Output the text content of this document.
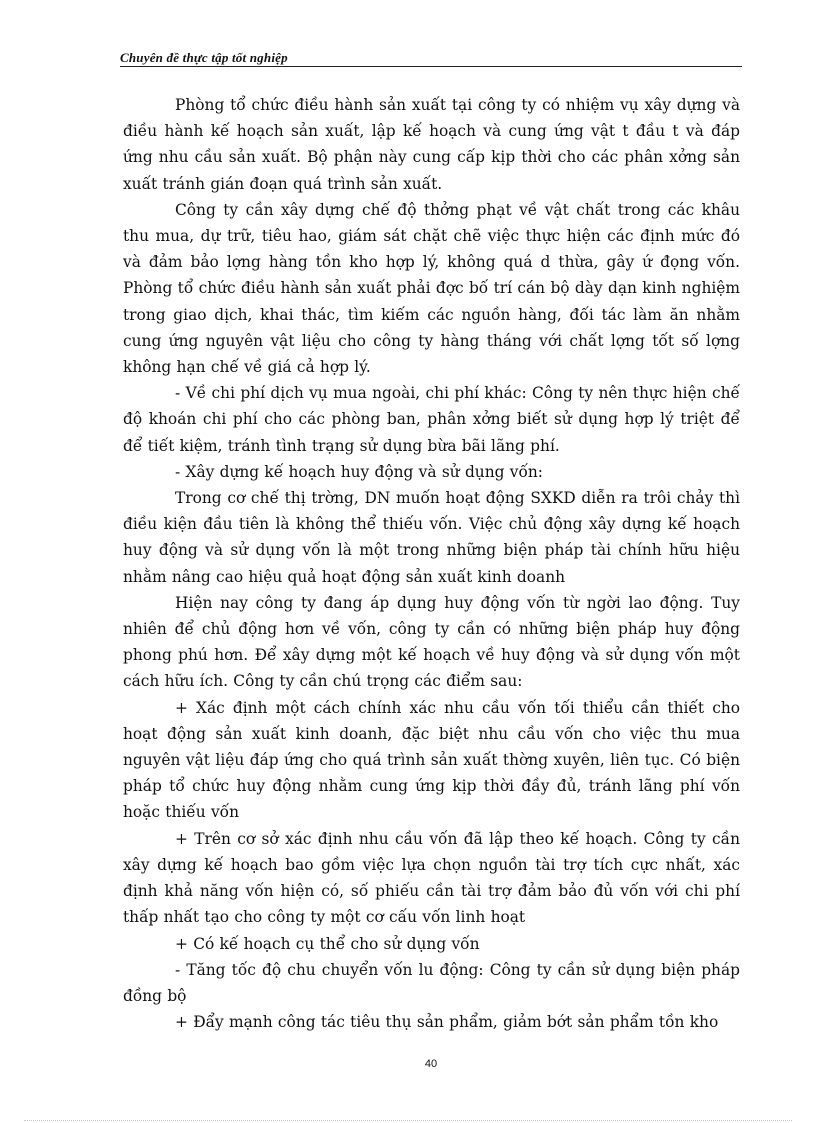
Chuyên đề thực tập tốt nghiệp

Phòng tổ chức điều hành sản xuất tại công ty có nhiệm vụ xây dựng và điều hành kế hoạch sản xuất, lập kế hoạch và cung ứng vật t đầu t và đáp ứng nhu cầu sản xuất. Bộ phận này cung cấp kịp thời cho các phân xởng sản xuất tránh gián đoạn quá trình sản xuất.

Công ty cần xây dựng chế độ thởng phạt về vật chất trong các khâu thu mua, dự trữ, tiêu hao, giám sát chặt chẽ việc thực hiện các định mức đó và đảm bảo lợng hàng tồn kho hợp lý, không quá d thừa, gây ứ đọng vốn. Phòng tổ chức điều hành sản xuất phải đợc bố trí cán bộ dày dạn kinh nghiệm trong giao dịch, khai thác, tìm kiếm các nguồn hàng, đối tác làm ăn nhằm cung ứng nguyên vật liệu cho công ty hàng tháng với chất lợng tốt số lợng không hạn chế về giá cả hợp lý.

- Về chi phí dịch vụ mua ngoài, chi phí khác: Công ty nên thực hiện chế độ khoán chi phí cho các phòng ban, phân xởng biết sử dụng hợp lý triệt để để tiết kiệm, tránh tình trạng sử dụng bừa bãi lãng phí.

- Xây dựng kế hoạch huy động và sử dụng vốn:

Trong cơ chế thị trờng, DN muốn hoạt động SXKD diễn ra trôi chảy thì điều kiện đầu tiên là không thể thiếu vốn. Việc chủ động xây dựng kế hoạch huy động và sử dụng vốn là một trong những biện pháp tài chính hữu hiệu nhằm nâng cao hiệu quả hoạt động sản xuất kinh doanh

Hiện nay công ty đang áp dụng huy động vốn từ ngời lao động. Tuy nhiên để chủ động hơn về vốn, công ty cần có những biện pháp huy động phong phú hơn. Để xây dựng một kế hoạch về huy động và sử dụng vốn một cách hữu ích. Công ty cần chú trọng các điểm sau:

+ Xác định một cách chính xác nhu cầu vốn tối thiểu cần thiết cho hoạt động sản xuất kinh doanh, đặc biệt nhu cầu vốn cho việc thu mua nguyên vật liệu đáp ứng cho quá trình sản xuất thờng xuyên, liên tục. Có biện pháp tổ chức huy động nhằm cung ứng kịp thời đầy đủ, tránh lãng phí vốn hoặc thiếu vốn

+ Trên cơ sở xác định nhu cầu vốn đã lập theo kế hoạch. Công ty cần xây dựng kế hoạch bao gồm việc lựa chọn nguồn tài trợ tích cực nhất, xác định khả năng vốn hiện có, số phiếu cần tài trợ đảm bảo đủ vốn với chi phí thấp nhất tạo cho công ty một cơ cấu vốn linh hoạt

+ Có kế hoạch cụ thể cho sử dụng vốn

- Tăng tốc độ chu chuyển vốn lu động: Công ty cần sử dụng biện pháp đồng bộ

+ Đẩy mạnh công tác tiêu thụ sản phẩm, giảm bớt sản phẩm tồn kho

40
